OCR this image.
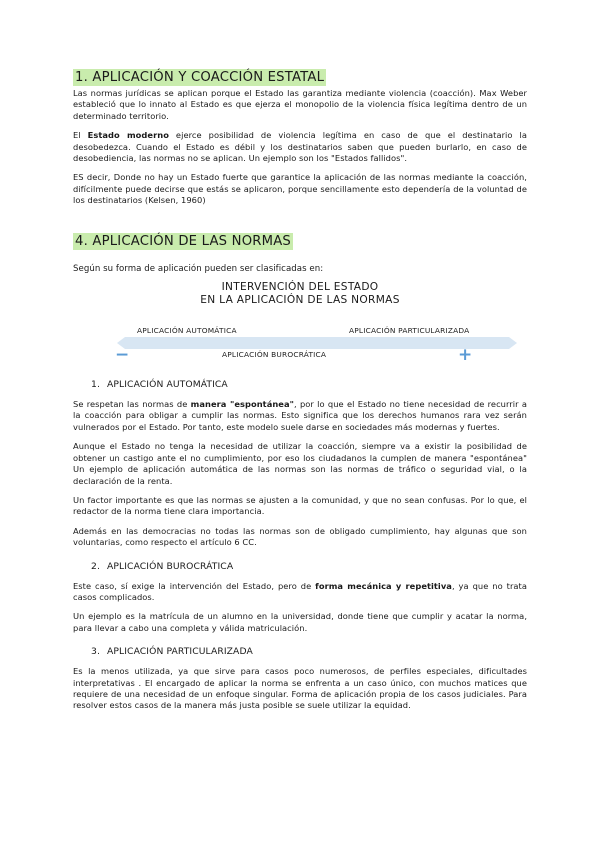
1. APLICACIÓN Y COACCIÓN ESTATAL

Las normas jurídicas se aplican porque el Estado las garantiza mediante violencia (coacción). Max Weber estableció que lo innato al Estado es que ejerza el monopolio de la violencia física legítima dentro de un determinado territorio.

El Estado moderno ejerce posibilidad de violencia legítima en caso de que el destinatario la desobedezca. Cuando el Estado es débil y los destinatarios saben que pueden burlarlo, en caso de desobediencia, las normas no se aplican. Un ejemplo son los "Estados fallidos".

ES decir, Donde no hay un Estado fuerte que garantice la aplicación de las normas mediante la coacción, difícilmente puede decirse que estás se aplicaron, porque sencillamente esto dependería de la voluntad de los destinatarios (Kelsen, 1960)

4. APLICACIÓN DE LAS NORMAS

Según su forma de aplicación pueden ser clasificadas en:

INTERVENCIÓN DEL ESTADO
EN LA APLICACIÓN DE LAS NORMAS
APLICACIÓN AUTOMÁTICA	APLICACIÓN PARTICULARIZADA
APLICACIÓN BUROCRÁTICA
−	+
1. APLICACIÓN AUTOMÁTICA

Se respetan las normas de manera "espontánea", por lo que el Estado no tiene necesidad de recurrir a la coacción para obligar a cumplir las normas. Esto significa que los derechos humanos rara vez serán vulnerados por el Estado. Por tanto, este modelo suele darse en sociedades más modernas y fuertes.

Aunque el Estado no tenga la necesidad de utilizar la coacción, siempre va a existir la posibilidad de obtener un castigo ante el no cumplimiento, por eso los ciudadanos la cumplen de manera "espontánea" Un ejemplo de aplicación automática de las normas son las normas de tráfico o seguridad vial, o la declaración de la renta.

Un factor importante es que las normas se ajusten a la comunidad, y que no sean confusas. Por lo que, el redactor de la norma tiene clara importancia.

Además en las democracias no todas las normas son de obligado cumplimiento, hay algunas que son voluntarias, como respecto el artículo 6 CC.

2. APLICACIÓN BUROCRÁTICA

Este caso, sí exige la intervención del Estado, pero de forma mecánica y repetitiva, ya que no trata casos complicados.

Un ejemplo es la matrícula de un alumno en la universidad, donde tiene que cumplir y acatar la norma, para llevar a cabo una completa y válida matriculación.

3. APLICACIÓN PARTICULARIZADA

Es la menos utilizada, ya que sirve para casos poco numerosos, de perfiles especiales, dificultades interpretativas . El encargado de aplicar la norma se enfrenta a un caso único, con muchos matices que requiere de una necesidad de un enfoque singular. Forma de aplicación propia de los casos judiciales. Para resolver estos casos de la manera más justa posible se suele utilizar la equidad.
